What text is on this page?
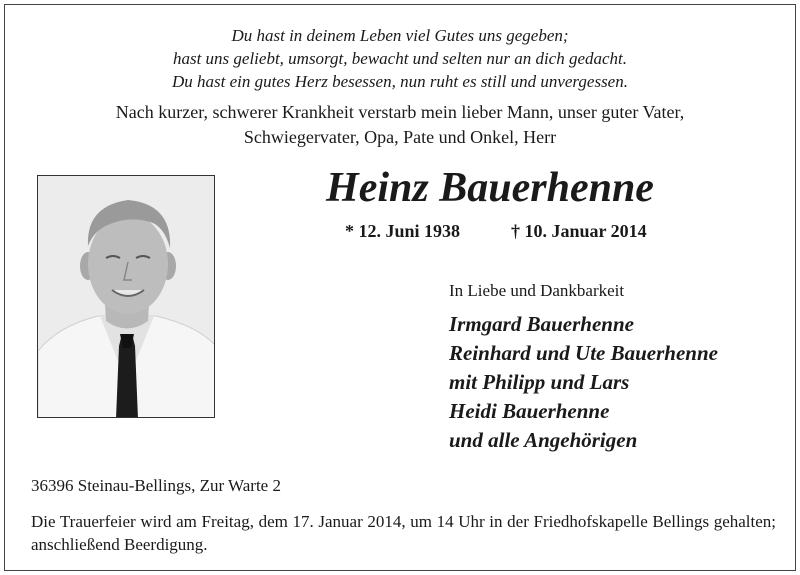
Du hast in deinem Leben viel Gutes uns gegeben;
hast uns geliebt, umsorgt, bewacht und selten nur an dich gedacht.
Du hast ein gutes Herz besessen, nun ruht es still und unvergessen.
Nach kurzer, schwerer Krankheit verstarb mein lieber Mann, unser guter Vater,
Schwiegervater, Opa, Pate und Onkel, Herr
Heinz Bauerhenne
* 12. Juni 1938	† 10. Januar 2014
In Liebe und Dankbarkeit
Irmgard Bauerhenne
Reinhard und Ute Bauerhenne
mit Philipp und Lars
Heidi Bauerhenne
und alle Angehörigen
36396 Steinau-Bellings, Zur Warte 2
Die Trauerfeier wird am Freitag, dem 17. Januar 2014, um 14 Uhr in der Friedhofskapelle Bellings gehalten; anschließend Beerdigung.
